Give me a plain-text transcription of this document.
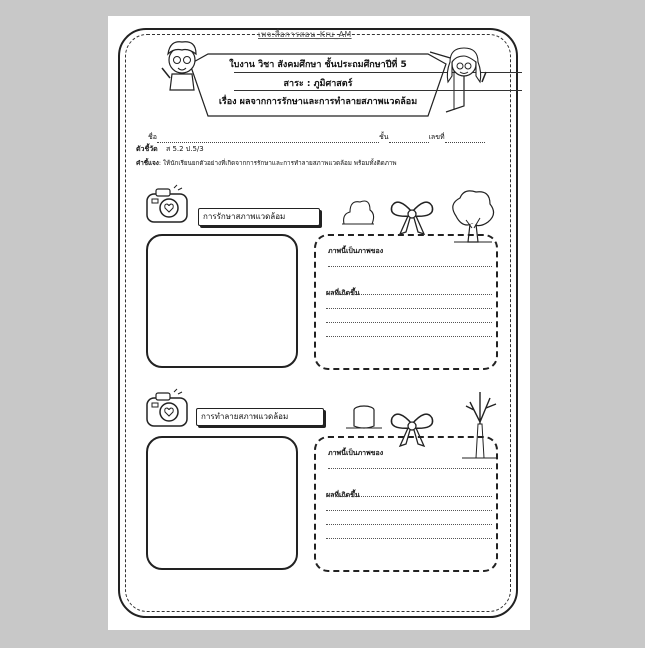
เพจ:สื่อการสอน_Kru_AM
ใบงาน วิชา สังคมศึกษา ชั้นประถมศึกษาปีที่ 5
สาระ : ภูมิศาสตร์
เรื่อง ผลจากการรักษาและการทำลายสภาพแวดล้อม
ชื่อ	ชั้น	เลขที่
ตัวชี้วัด ส 5.2 ป.5/3
คำชี้แจง: ให้นักเรียนยกตัวอย่างที่เกิดจากการรักษาและการทำลายสภาพแวดล้อม พร้อมทั้งติดภาพ
การรักษาสภาพแวดล้อม
ภาพนี้เป็นภาพของ
ผลที่เกิดขึ้น
การทำลายสภาพแวดล้อม
ภาพนี้เป็นภาพของ
ผลที่เกิดขึ้น
